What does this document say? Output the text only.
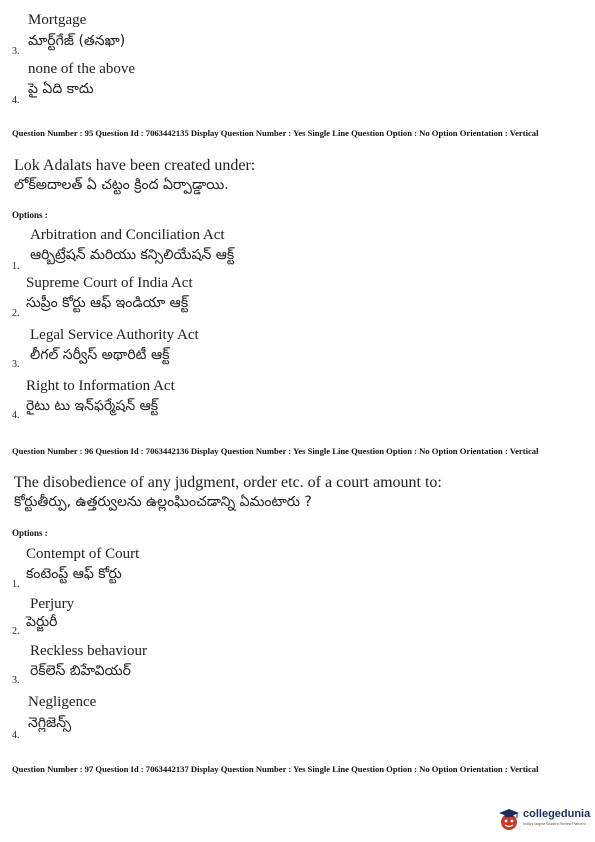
Mortgage
3.
మార్ట్‌గేజ్ (తనఖా)
none of the above
4.
పై ఏది కాదు
Question Number : 95 Question Id : 7063442135 Display Question Number : Yes Single Line Question Option : No Option Orientation : Vertical
Lok Adalats have been created under:
లోక్‌అదాలత్ ఏ చట్టం క్రింద ఏర్పాడ్డాయి.
Options :
Arbitration and Conciliation Act
1.
ఆర్బిట్రేషన్ మరియు కన్సిలియేషన్ ఆక్ట్
Supreme Court of India Act
2.
సుప్రీం కోర్టు ఆఫ్ ఇండియా ఆక్ట్
Legal Service Authority Act
3.
లీగల్ సర్వీస్ అథారిటీ ఆక్ట్
Right to Information Act
4.
రైటు టు ఇన్‌ఫర్మేషన్ ఆక్ట్
Question Number : 96 Question Id : 7063442136 Display Question Number : Yes Single Line Question Option : No Option Orientation : Vertical
The disobedience of any judgment, order etc. of a court amount to:
కోర్టుతీర్పు, ఉత్తర్వులను ఉల్లంఘించడాన్ని ఏమంటారు ?
Options :
Contempt of Court
1.
కంటెంప్ట్ ఆఫ్ కోర్టు
Perjury
2.
పెర్జురీ
Reckless behaviour
3.
రెక్‌లెస్ బిహేవియర్
Negligence
4.
నెగ్లిజెన్స్
Question Number : 97 Question Id : 7063442137 Display Question Number : Yes Single Line Question Option : No Option Orientation : Vertical
collegedunia
India's largest Student Review Platform
